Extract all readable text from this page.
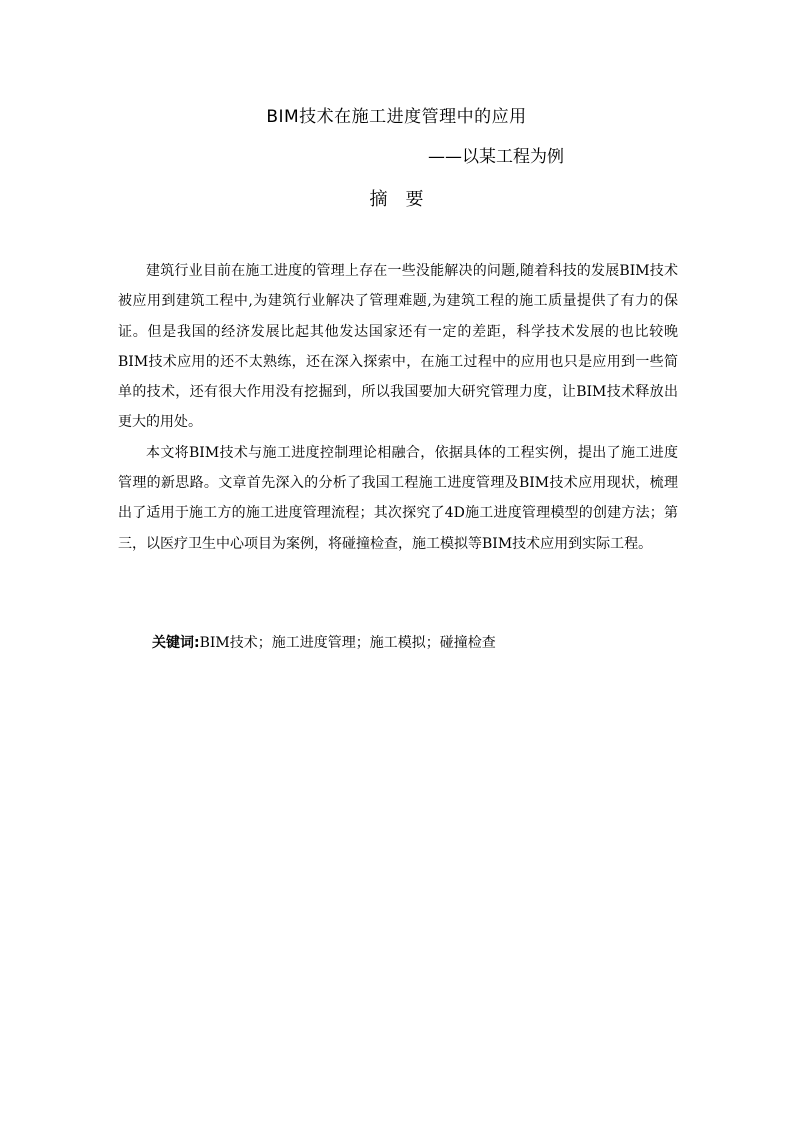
BIM技术在施工进度管理中的应用
——以某工程为例
摘要

建筑行业目前在施工进度的管理上存在一些没能解决的问题,随着科技的发展BIM技术被应用到建筑工程中,为建筑行业解决了管理难题,为建筑工程的施工质量提供了有力的保证。但是我国的经济发展比起其他发达国家还有一定的差距，科学技术发展的也比较晚BIM技术应用的还不太熟练，还在深入探索中，在施工过程中的应用也只是应用到一些简单的技术，还有很大作用没有挖掘到，所以我国要加大研究管理力度，让BIM技术释放出更大的用处。

本文将BIM技术与施工进度控制理论相融合，依据具体的工程实例，提出了施工进度管理的新思路。文章首先深入的分析了我国工程施工进度管理及BIM技术应用现状，梳理出了适用于施工方的施工进度管理流程；其次探究了4D施工进度管理模型的创建方法；第三，以医疗卫生中心项目为案例，将碰撞检查，施工模拟等BIM技术应用到实际工程。

关键词:BIM技术；施工进度管理；施工模拟；碰撞检查
